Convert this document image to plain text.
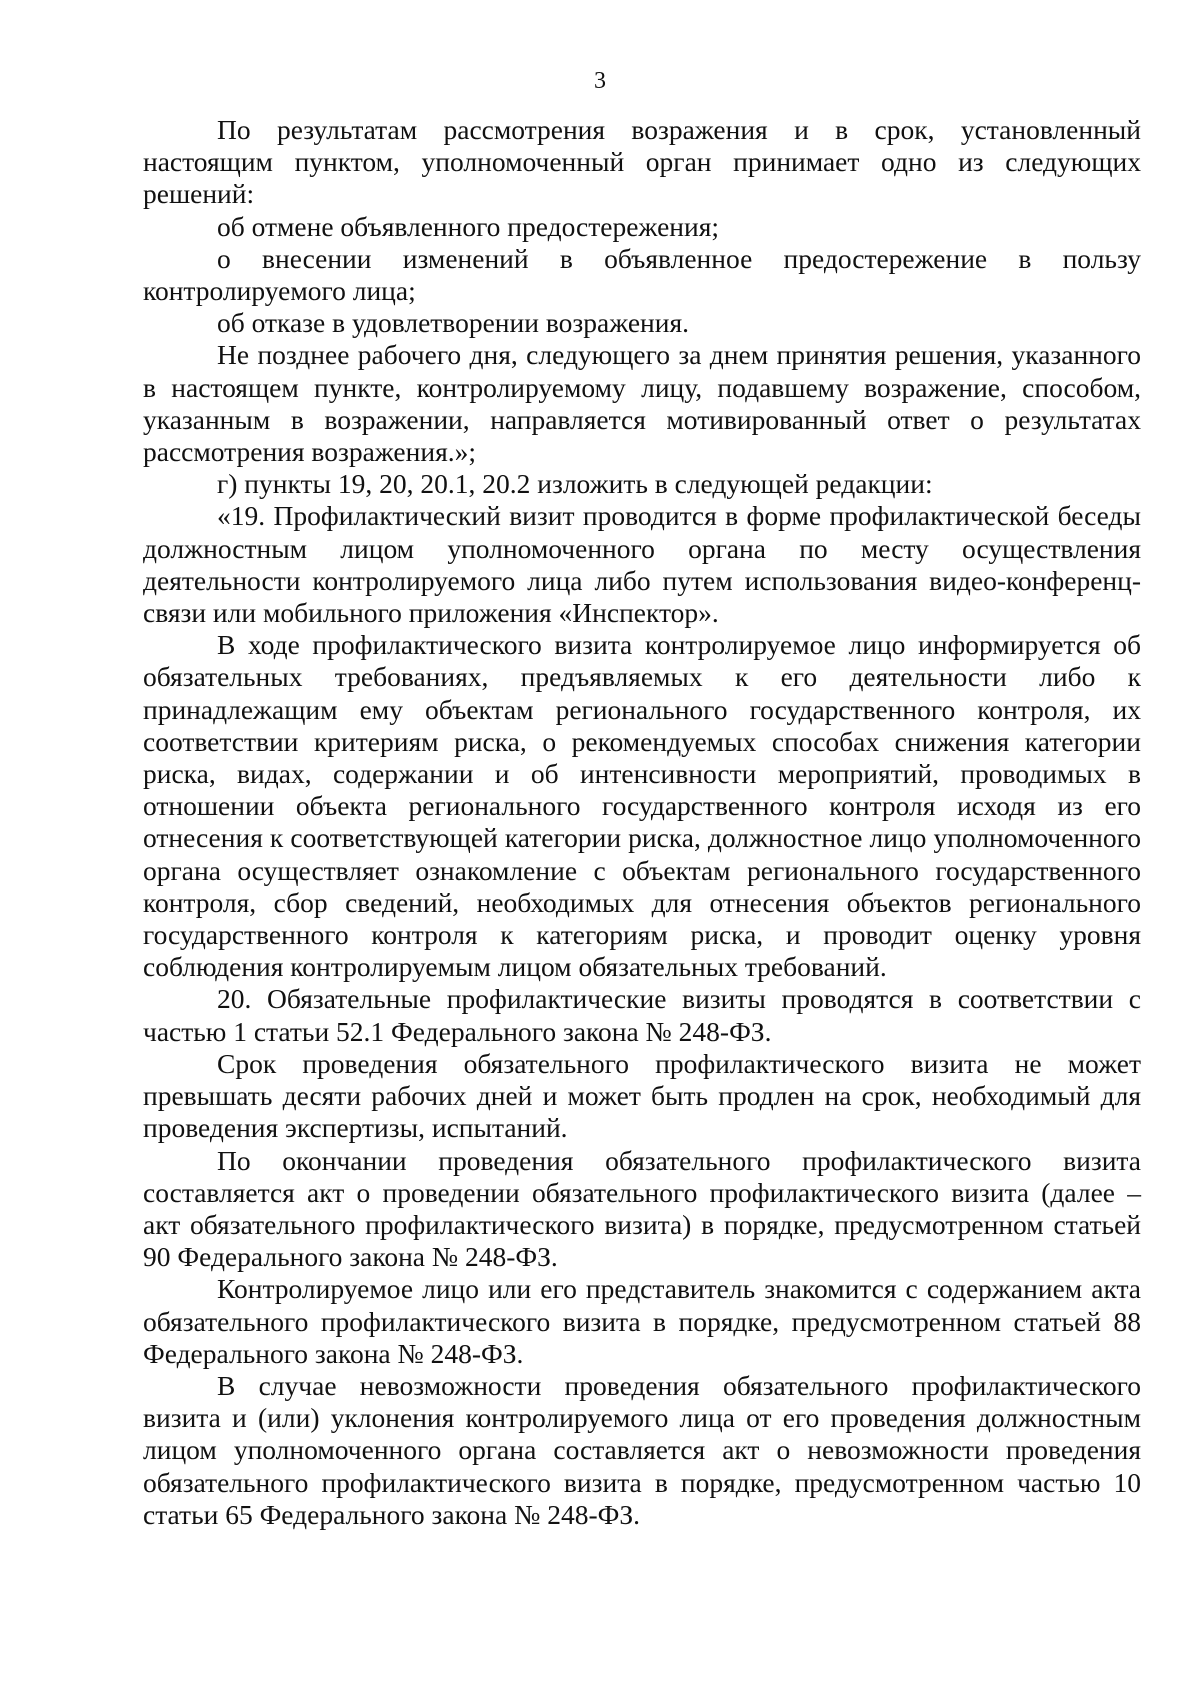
3

По результатам рассмотрения возражения и в срок, установленный настоящим пунктом, уполномоченный орган принимает одно из следующих решений:

об отмене объявленного предостережения;

о внесении изменений в объявленное предостережение в пользу контролируемого лица;

об отказе в удовлетворении возражения.

Не позднее рабочего дня, следующего за днем принятия решения, указанного в настоящем пункте, контролируемому лицу, подавшему возражение, способом, указанным в возражении, направляется мотивированный ответ о результатах рассмотрения возражения.»;

г) пункты 19, 20, 20.1, 20.2 изложить в следующей редакции:

«19. Профилактический визит проводится в форме профилактической беседы должностным лицом уполномоченного органа по месту осуществления деятельности контролируемого лица либо путем использования видео-конференц-связи или мобильного приложения «Инспектор».

В ходе профилактического визита контролируемое лицо информируется об обязательных требованиях, предъявляемых к его деятельности либо к принадлежащим ему объектам регионального государственного контроля, их соответствии критериям риска, о рекомендуемых способах снижения категории риска, видах, содержании и об интенсивности мероприятий, проводимых в отношении объекта регионального государственного контроля исходя из его отнесения к соответствующей категории риска, должностное лицо уполномоченного органа осуществляет ознакомление с объектам регионального государственного контроля, сбор сведений, необходимых для отнесения объектов регионального государственного контроля к категориям риска, и проводит оценку уровня соблюдения контролируемым лицом обязательных требований.

20. Обязательные профилактические визиты проводятся в соответствии с частью 1 статьи 52.1 Федерального закона № 248-ФЗ.

Срок проведения обязательного профилактического визита не может превышать десяти рабочих дней и может быть продлен на срок, необходимый для проведения экспертизы, испытаний.

По окончании проведения обязательного профилактического визита составляется акт о проведении обязательного профилактического визита (далее – акт обязательного профилактического визита) в порядке, предусмотренном статьей 90 Федерального закона № 248-ФЗ.

Контролируемое лицо или его представитель знакомится с содержанием акта обязательного профилактического визита в порядке, предусмотренном статьей 88 Федерального закона № 248-ФЗ.

В случае невозможности проведения обязательного профилактического визита и (или) уклонения контролируемого лица от его проведения должностным лицом уполномоченного органа составляется акт о невозможности проведения обязательного профилактического визита в порядке, предусмотренном частью 10 статьи 65 Федерального закона № 248-ФЗ.
